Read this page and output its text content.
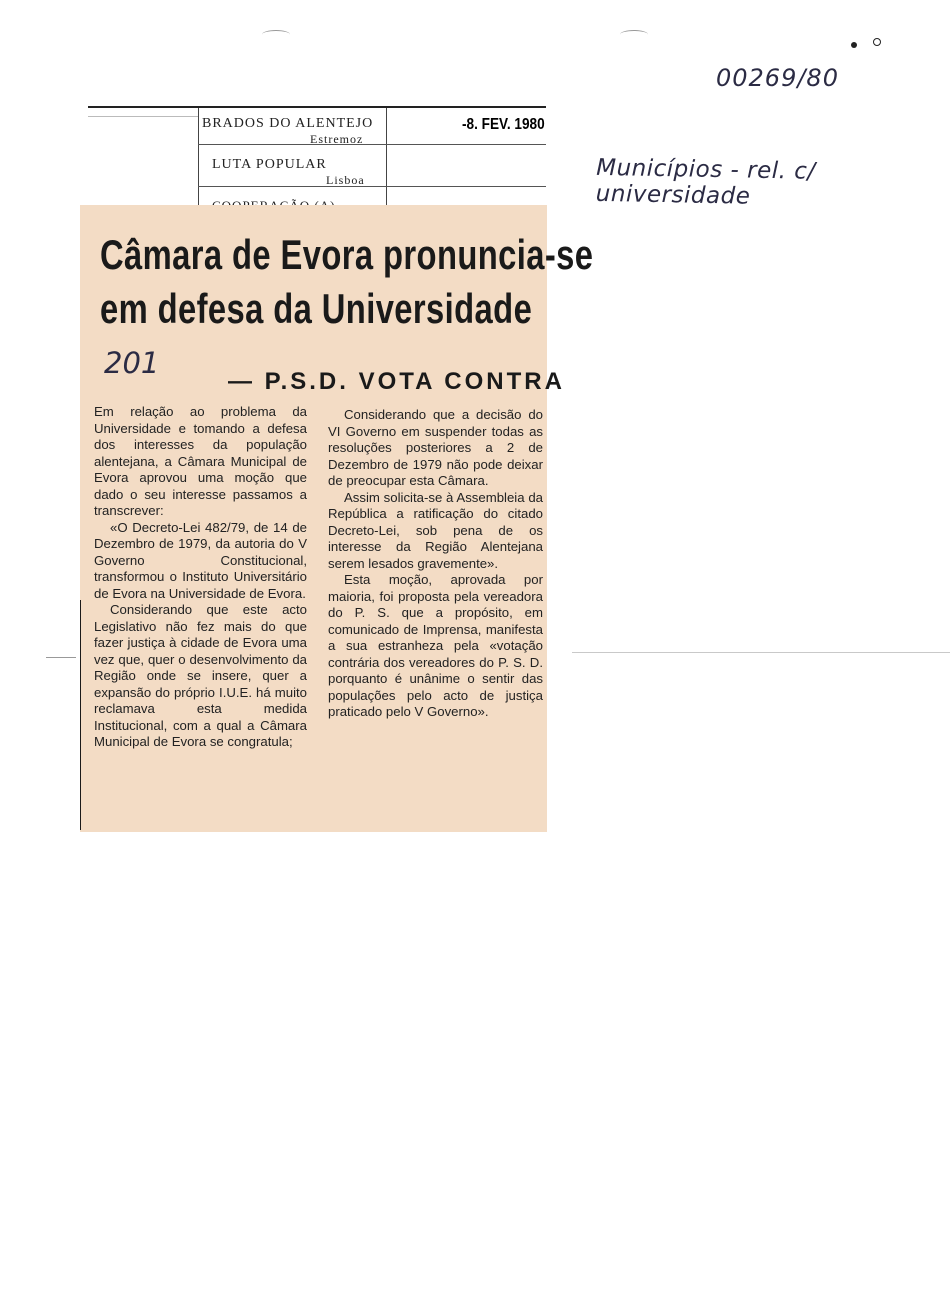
00269/80
Municípios - rel. c/ universidade
BRADOS DO ALENTEJO
Estremoz
LUTA POPULAR
Lisboa
-8. FEV. 1980
Câmara de Evora pronuncia-se
em defesa da Universidade
201
— P.S.D. VOTA CONTRA

Em relação ao problema da Universidade e tomando a defesa dos interesses da população alentejana, a Câmara Municipal de Evora aprovou uma moção que dado o seu interesse passamos a transcrever:

«O Decreto-Lei 482/79, de 14 de Dezembro de 1979, da autoria do V Governo Constitucional, transformou o Instituto Universitário de Evora na Universidade de Evora.

Considerando que este acto Legislativo não fez mais do que fazer justiça à cidade de Evora uma vez que, quer o desenvolvimento da Região onde se insere, quer a expansão do próprio I.U.E. há muito reclamava esta medida Institucional, com a qual a Câmara Municipal de Evora se congratula;

Considerando que a decisão do VI Governo em suspender todas as resoluções posteriores a 2 de Dezembro de 1979 não pode deixar de preocupar esta Câmara.

Assim solicita-se à Assembleia da República a ratificação do citado Decreto-Lei, sob pena de os interesse da Região Alentejana serem lesados gravemente».

Esta moção, aprovada por maioria, foi proposta pela vereadora do P. S. que a propósito, em comunicado de Imprensa, manifesta a sua estranheza pela «votação contrária dos vereadores do P. S. D. porquanto é unânime o sentir das populações pelo acto de justiça praticado pelo V Governo».
